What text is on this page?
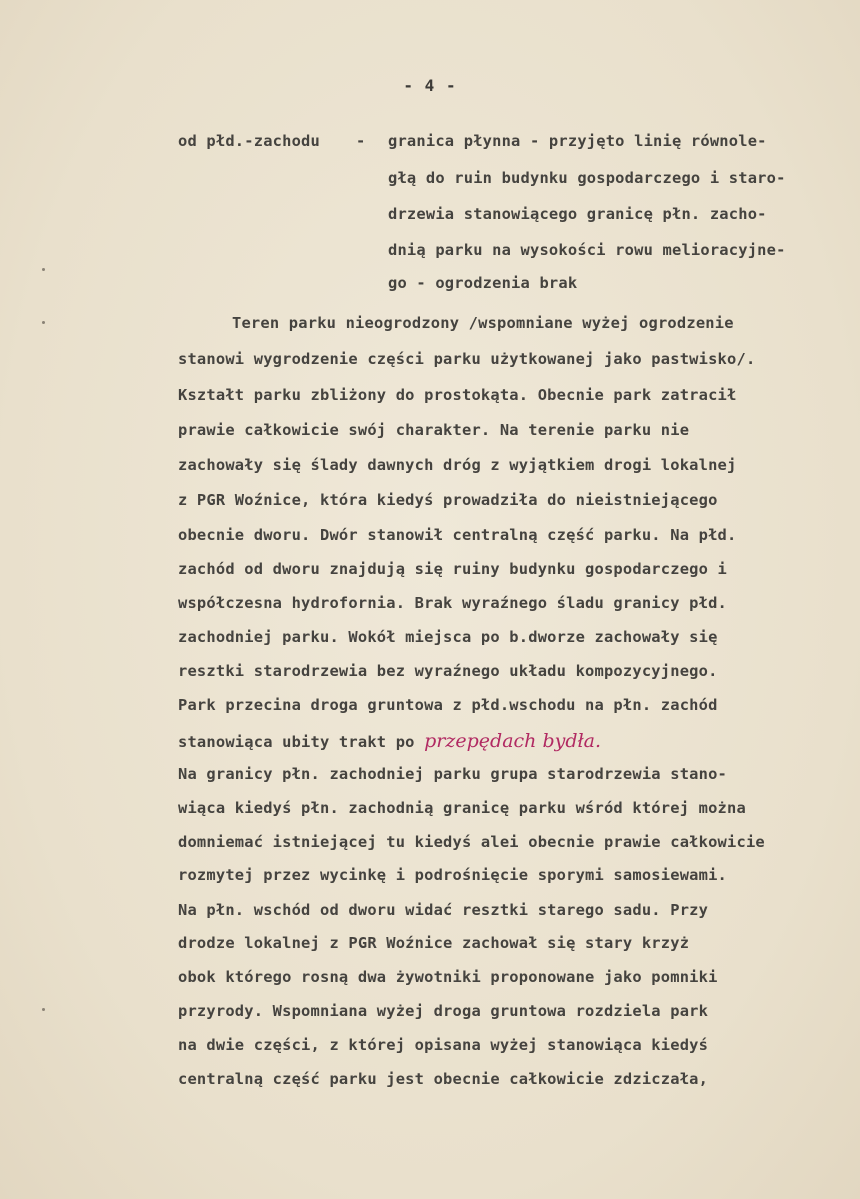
- 4 -
od płd.-zachodu - granica płynna - przyjęto linię równole-
głą do ruin budynku gospodarczego i staro-
drzewia stanowiącego granicę płn. zacho-
dnią parku na wysokości rowu melioracyjne-
go - ogrodzenia brak
Teren parku nieogrodzony /wspomniane wyżej ogrodzenie
stanowi wygrodzenie części parku użytkowanej jako pastwisko/.
Kształt parku zbliżony do prostokąta. Obecnie park zatracił
prawie całkowicie swój charakter. Na terenie parku nie
zachowały się ślady dawnych dróg z wyjątkiem drogi lokalnej
z PGR Woźnice, która kiedyś prowadziła do nieistniejącego
obecnie dworu. Dwór stanowił centralną część parku. Na płd.
zachód od dworu znajdują się ruiny budynku gospodarczego i
współczesna hydrofornia. Brak wyraźnego śladu granicy płd.
zachodniej parku. Wokół miejsca po b.dworze zachowały się
resztki starodrzewia bez wyraźnego układu kompozycyjnego.
Park przecina droga gruntowa z płd.wschodu na płn. zachód
stanowiąca ubity trakt po przepędach bydła.
Na granicy płn. zachodniej parku grupa starodrzewia stano-
wiąca kiedyś płn. zachodnią granicę parku wśród której można
domniemać istniejącej tu kiedyś alei obecnie prawie całkowicie
rozmytej przez wycinkę i podrośnięcie sporymi samosiewami.
Na płn. wschód od dworu widać resztki starego sadu. Przy
drodze lokalnej z PGR Woźnice zachował się stary krzyż
obok którego rosną dwa żywotniki proponowane jako pomniki
przyrody. Wspomniana wyżej droga gruntowa rozdziela park
na dwie części, z której opisana wyżej stanowiąca kiedyś
centralną część parku jest obecnie całkowicie zdziczała,
